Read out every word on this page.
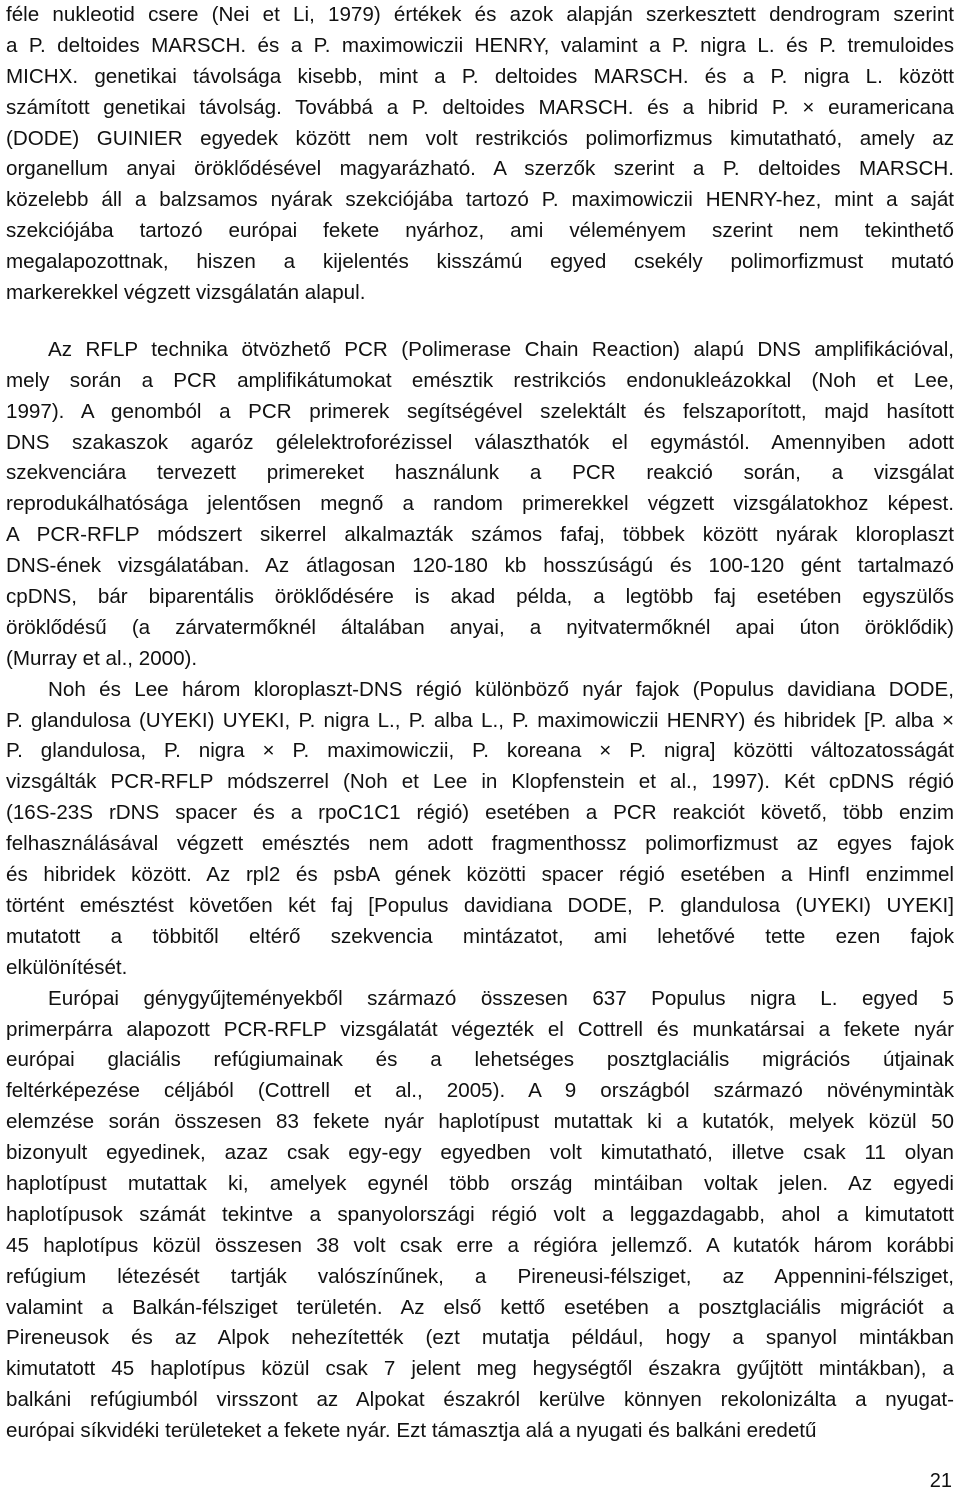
féle nukleotid csere (Nei et Li, 1979) értékek és azok alapján szerkesztett dendrogram szerint
a P. deltoides MARSCH. és a P. maximowiczii HENRY, valamint a P. nigra L. és P. tremuloides
MICHX. genetikai távolsága kisebb, mint a P. deltoides MARSCH. és a P. nigra L. között
számított genetikai távolság. Továbbá a P. deltoides MARSCH. és a hibrid P. × euramericana
(DODE) GUINIER egyedek között nem volt restrikciós polimorfizmus kimutatható, amely az
organellum anyai öröklődésével magyarázható. A szerzők szerint a P. deltoides MARSCH.
közelebb áll a balzsamos nyárak szekciójába tartozó P. maximowiczii HENRY-hez, mint a saját
szekciójába tartozó európai fekete nyárhoz, ami véleményem szerint nem tekinthető
megalapozottnak, hiszen a kijelentés kisszámú egyed csekély polimorfizmust mutató
markerekkel végzett vizsgálatán alapul.
Az RFLP technika ötvözhető PCR (Polimerase Chain Reaction) alapú DNS amplifikációval,
mely során a PCR amplifikátumokat emésztik restrikciós endonukleázokkal (Noh et Lee,
1997). A genomból a PCR primerek segítségével szelektált és felszaporított, majd hasított
DNS szakaszok agaróz gélelektroforézissel választhatók el egymástól. Amennyiben adott
szekvenciára tervezett primereket használunk a PCR reakció során, a vizsgálat
reprodukálhatósága jelentősen megnő a random primerekkel végzett vizsgálatokhoz képest.
A PCR-RFLP módszert sikerrel alkalmazták számos fafaj, többek között nyárak kloroplaszt
DNS-ének vizsgálatában. Az átlagosan 120-180 kb hosszúságú és 100-120 gént tartalmazó
cpDNS, bár biparentális öröklődésére is akad példa, a legtöbb faj esetében egyszülős
öröklődésű (a zárvatermőknél általában anyai, a nyitvatermőknél apai úton öröklődik)
(Murray et al., 2000).
Noh és Lee három kloroplaszt-DNS régió különböző nyár fajok (Populus davidiana DODE,
P. glandulosa (UYEKI) UYEKI, P. nigra L., P. alba L., P. maximowiczii HENRY) és hibridek [P. alba ×
P. glandulosa, P. nigra × P. maximowiczii, P. koreana × P. nigra] közötti változatosságát
vizsgálták PCR-RFLP módszerrel (Noh et Lee in Klopfenstein et al., 1997). Két cpDNS régió
(16S-23S rDNS spacer és a rpoC1C1 régió) esetében a PCR reakciót követő, több enzim
felhasználásával végzett emésztés nem adott fragmenthossz polimorfizmust az egyes fajok
és hibridek között. Az rpl2 és psbA gének közötti spacer régió esetében a HinfI enzimmel
történt emésztést követően két faj [Populus davidiana DODE, P. glandulosa (UYEKI) UYEKI]
mutatott a többitől eltérő szekvencia mintázatot, ami lehetővé tette ezen fajok
elkülönítését.
Európai génygyűjteményekből származó összesen 637 Populus nigra L. egyed 5
primerpárra alapozott PCR-RFLP vizsgálatát végezték el Cottrell és munkatársai a fekete nyár
európai glaciális refúgiumainak és a lehetséges posztglaciális migrációs útjainak
feltérképezése céljából (Cottrell et al., 2005). A 9 országból származó növénymintàk
elemzése során összesen 83 fekete nyár haplotípust mutattak ki a kutatók, melyek közül 50
bizonyult egyedinek, azaz csak egy-egy egyedben volt kimutatható, illetve csak 11 olyan
haplotípust mutattak ki, amelyek egynél több ország mintáiban voltak jelen. Az egyedi
haplotípusok számát tekintve a spanyolországi régió volt a leggazdagabb, ahol a kimutatott
45 haplotípus közül összesen 38 volt csak erre a régióra jellemző. A kutatók három korábbi
refúgium létezését tartják valószínűnek, a Pireneusi-félsziget, az Appennini-félsziget,
valamint a Balkán-félsziget területén. Az első kettő esetében a posztglaciális migrációt a
Pireneusok és az Alpok nehezítették (ezt mutatja például, hogy a spanyol mintákban
kimutatott 45 haplotípus közül csak 7 jelent meg hegységtől északra gyűjtött mintákban), a
balkáni refúgiumból virsszont az Alpokat északról kerülve könnyen rekolonizálta a nyugat-
európai síkvidéki területeket a fekete nyár. Ezt támasztja alá a nyugati és balkáni eredetű
21
